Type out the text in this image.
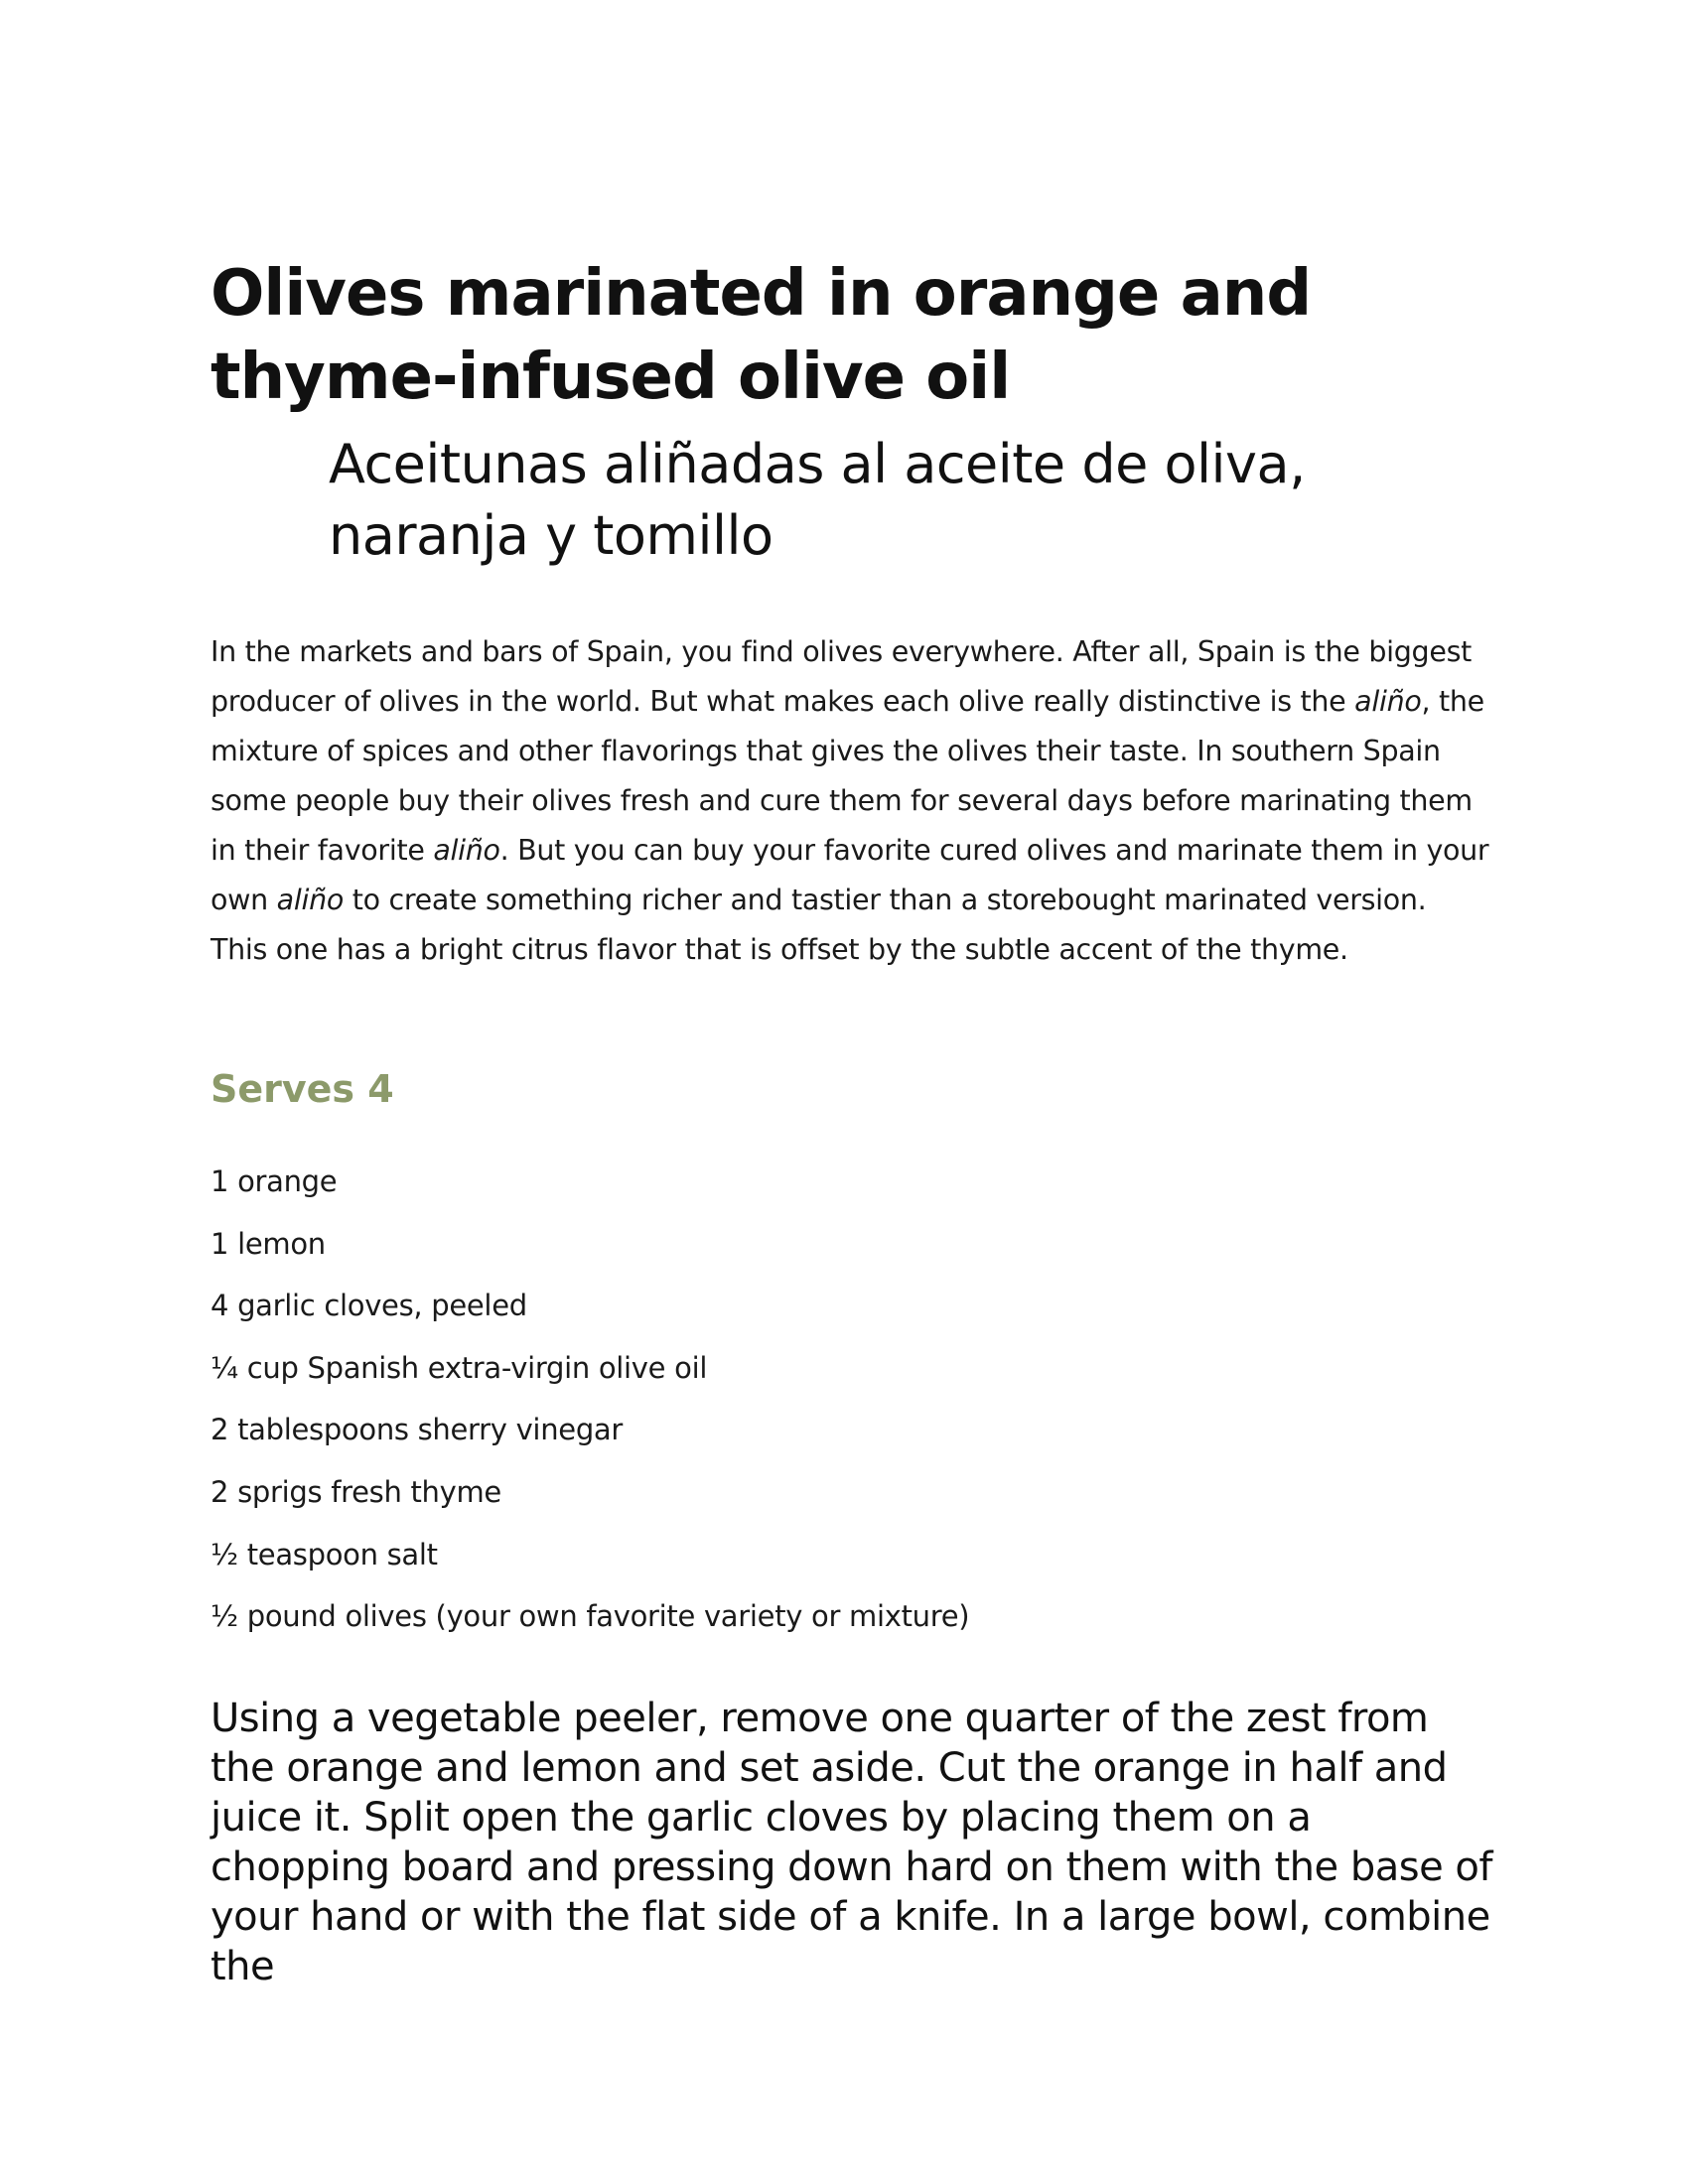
Olives marinated in orange and thyme-infused olive oil
Aceitunas aliñadas al aceite de oliva, naranja y tomillo

In the markets and bars of Spain, you find olives everywhere. After all, Spain is the biggest producer of olives in the world. But what makes each olive really distinctive is the aliño, the mixture of spices and other flavorings that gives the olives their taste. In southern Spain some people buy their olives fresh and cure them for several days before marinating them in their favorite aliño. But you can buy your favorite cured olives and marinate them in your own aliño to create something richer and tastier than a storebought marinated version. This one has a bright citrus flavor that is offset by the subtle accent of the thyme.

Serves 4
1 orange
1 lemon
4 garlic cloves, peeled
¼ cup Spanish extra-virgin olive oil
2 tablespoons sherry vinegar
2 sprigs fresh thyme
½ teaspoon salt
½ pound olives (your own favorite variety or mixture)

Using a vegetable peeler, remove one quarter of the zest from the orange and lemon and set aside. Cut the orange in half and juice it. Split open the garlic cloves by placing them on a chopping board and pressing down hard on them with the base of your hand or with the flat side of a knife. In a large bowl, combine the
